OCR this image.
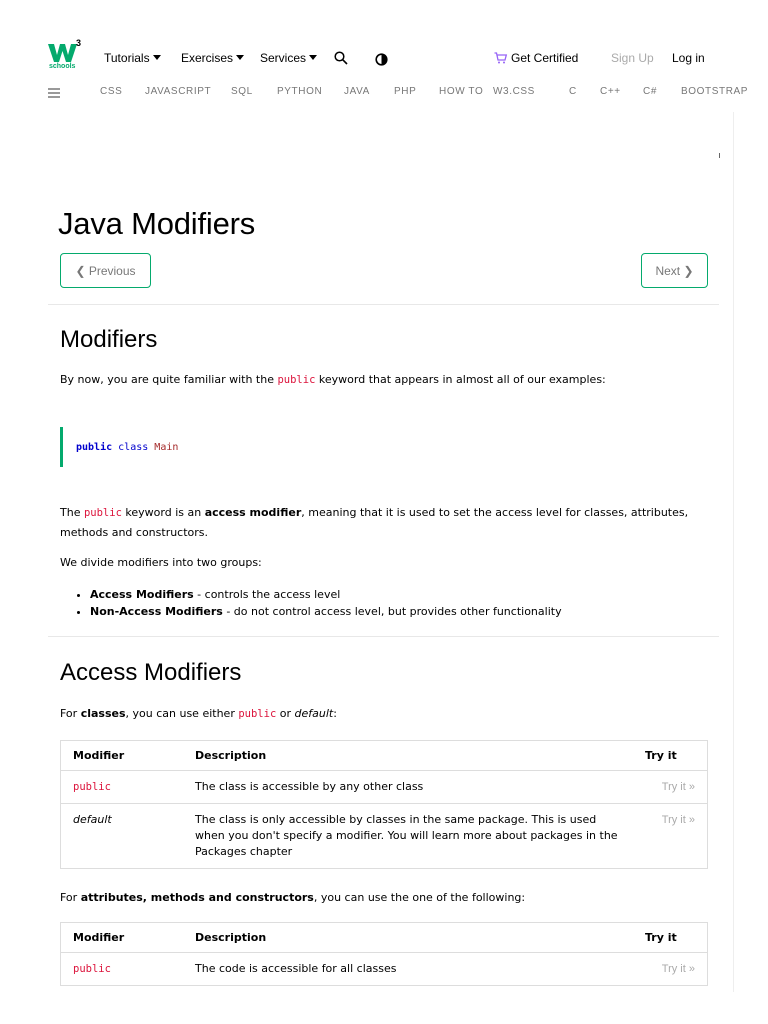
3
schools
Tutorials	Exercises	Services	Get Certified	Sign Up Log in
CSS JAVASCRIPT SQL PYTHON JAVA PHP HOW TO W3.CSS	C C++ C# BOOTSTRAP
Java Modifiers
❮ Previous	Next ❯
Modifiers

By now, you are quite familiar with the public keyword that appears in almost all of our examples:

public
class
Main

The public keyword is an access modifier, meaning that it is used to set the access level for classes, attributes, methods and constructors.

We divide modifiers into two groups:

• Access Modifiers - controls the access level
• Non-Access Modifiers - do not control access level, but provides other functionality
Access Modifiers

For classes, you can use either public or default:

Modifier	Description	Try it
public	The class is accessible by any other class	Try it »
default	The class is only accessible by classes in the same package. This is used when you don't specify a modifier. You will learn more about packages in the Packages chapter	Try it »

For attributes, methods and constructors, you can use the one of the following:

Modifier	Description	Try it
public	The code is accessible for all classes	Try it »
